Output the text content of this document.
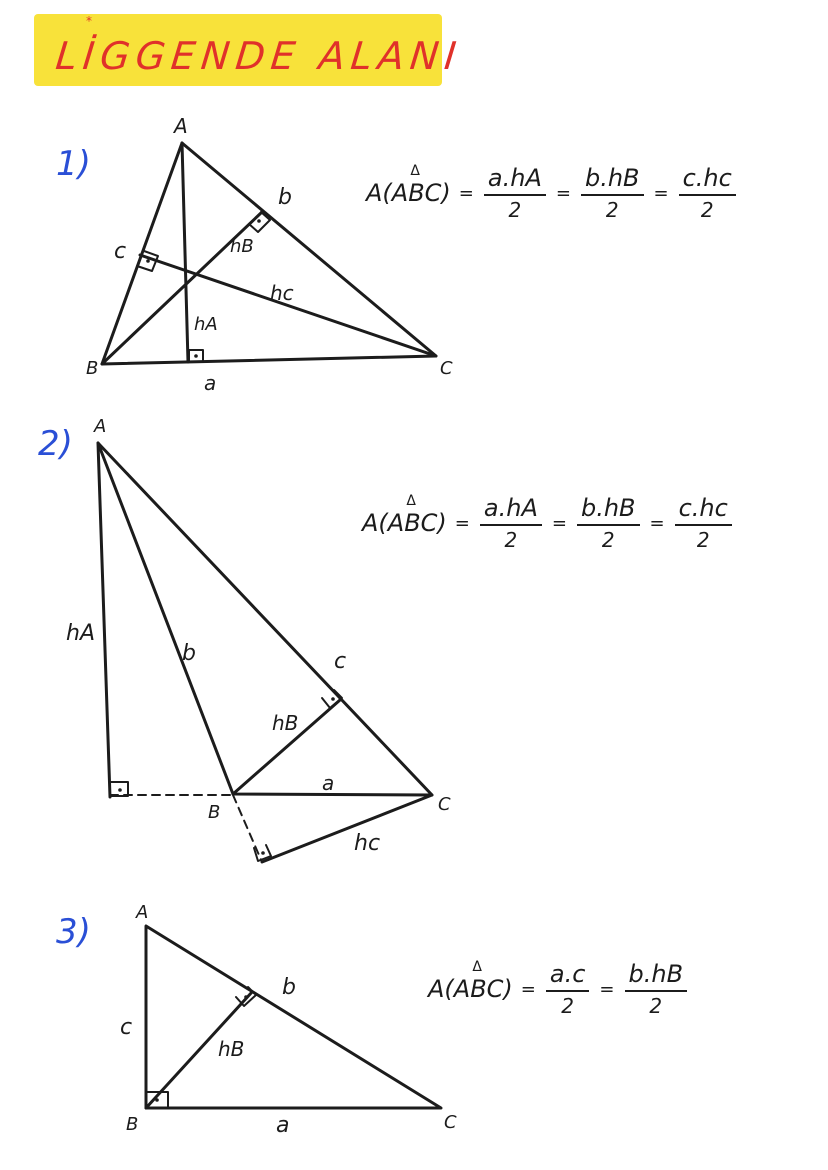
*
LİGGENDE ALANI
1)
2)
3)
A
B	C
a
b
c
hA
hB
hc
A
B	C
a
b	c
hA
hB
hc
A
B	C
a
b
c
hB
Δ
$A(ABC) = \frac{a.hA}{2} = \frac{b.hB}{2} = \frac{c.hc}{2}$
Δ
$A(ABC) = \frac{a.hA}{2} = \frac{b.hB}{2} = \frac{c.hc}{2}$
Δ
$A(ABC) = \frac{a.c}{2} = \frac{b.hB}{2}$
